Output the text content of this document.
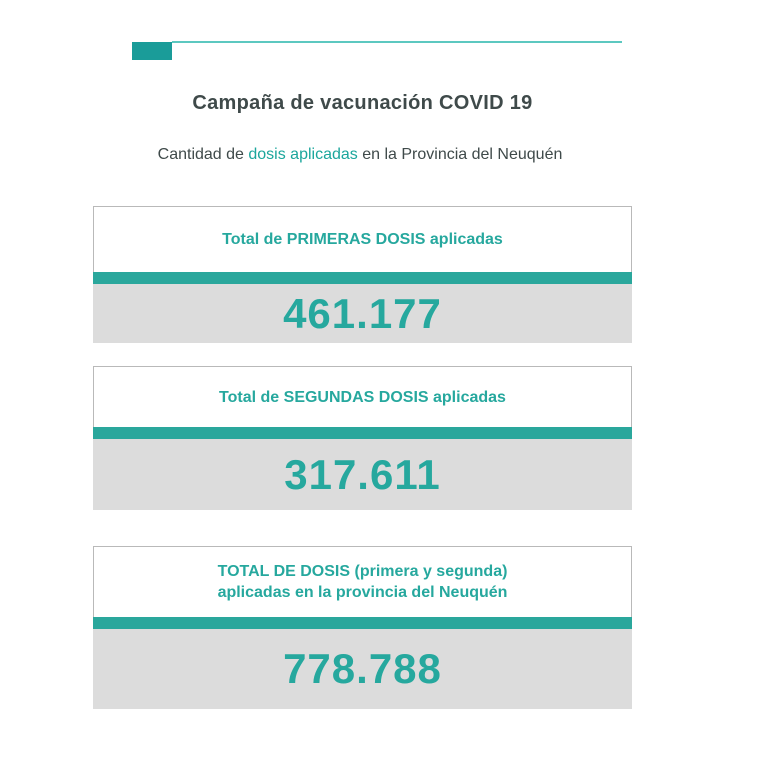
Campaña de vacunación COVID 19
Cantidad de dosis aplicadas en la Provincia del Neuquén
Total de PRIMERAS DOSIS aplicadas
461.177
Total de SEGUNDAS DOSIS aplicadas
317.611
TOTAL DE DOSIS (primera y segunda)
aplicadas en la provincia del Neuquén
778.788
